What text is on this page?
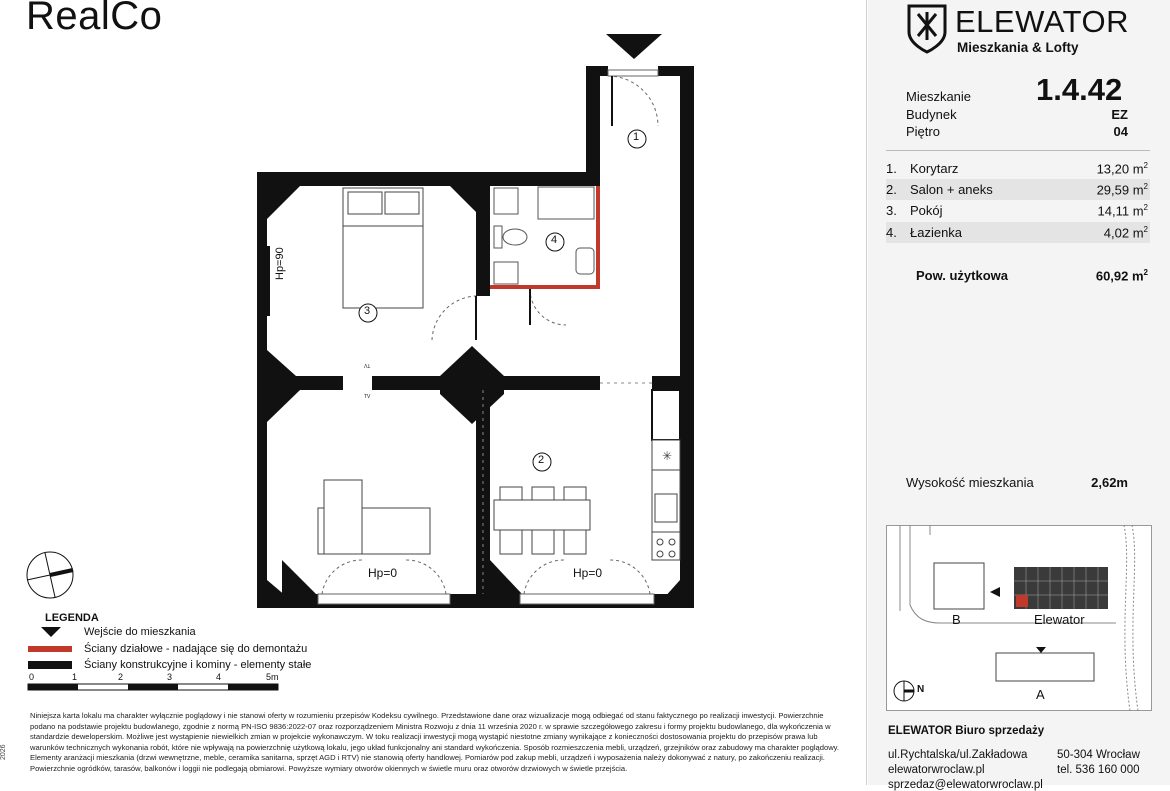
RealCo
✳
1
2
3
4
Hp=90
Hp=0	Hp=0
TV
TV
LEGENDA
Wejście do mieszkania
Ściany działowe - nadające się do demontażu
Ściany konstrukcyjne i kominy - elementy stałe
0	1	2	3	4	5m
Niniejsza karta lokalu ma charakter wyłącznie poglądowy i nie stanowi oferty w rozumieniu przepisów Kodeksu cywilnego. Przedstawione dane oraz wizualizacje mogą odbiegać od stanu faktycznego po realizacji inwestycji. Powierzchnie podano na podstawie projektu budowlanego, zgodnie z normą PN-ISO 9836:2022-07 oraz rozporządzeniem Ministra Rozwoju z dnia 11 września 2020 r. w sprawie szczegółowego zakresu i formy projektu budowlanego, dla wykończenia w standardzie deweloperskim. Możliwe jest wystąpienie niewielkich zmian w projekcie wykonawczym. W toku realizacji inwestycji mogą wystąpić niestotne zmiany wynikające z konieczności dostosowania projektu do przepisów prawa lub warunków technicznych wykonania robót, które nie wpływają na powierzchnię użytkową lokalu, jego układ funkcjonalny ani standard wykończenia. Sposób rozmieszczenia mebli, urządzeń, grzejników oraz zabudowy ma charakter poglądowy. Elementy aranżacji mieszkania (drzwi wewnętrzne, meble, ceramika sanitarna, sprzęt AGD i RTV) nie stanowią oferty handlowej. Pomiarów pod zakup mebli, urządzeń i wyposażenia należy dokonywać z natury, po zakończeniu realizacji. Powierzchnie ogródków, tarasów, balkonów i loggii nie podlegają obmiarowi. Powyższe wymiary otworów okiennych w świetle muru oraz otworów drzwiowych w świetle przejścia.
2026
ELEWATOR
Mieszkania & Lofty
Mieszkanie 1.4.42
Budynek	EZ
Piętro	04
1.	Korytarz	13,20 $m^2$
2.	Salon + aneks	29,59 $m^2$
3.	Pokój	14,11 $m^2$
4.	Łazienka	4,02 $m^2$
Pow. użytkowa	60,92 $m^2$
Wysokość mieszkania	2,62m
B	Elewator
A
N
ELEWATOR Biuro sprzedaży
ul.Rychtalska/ul.Zakładowa	50-304 Wrocław
elewatorwroclaw.pl	tel. 536 160 000
sprzedaz@elewatorwroclaw.pl
